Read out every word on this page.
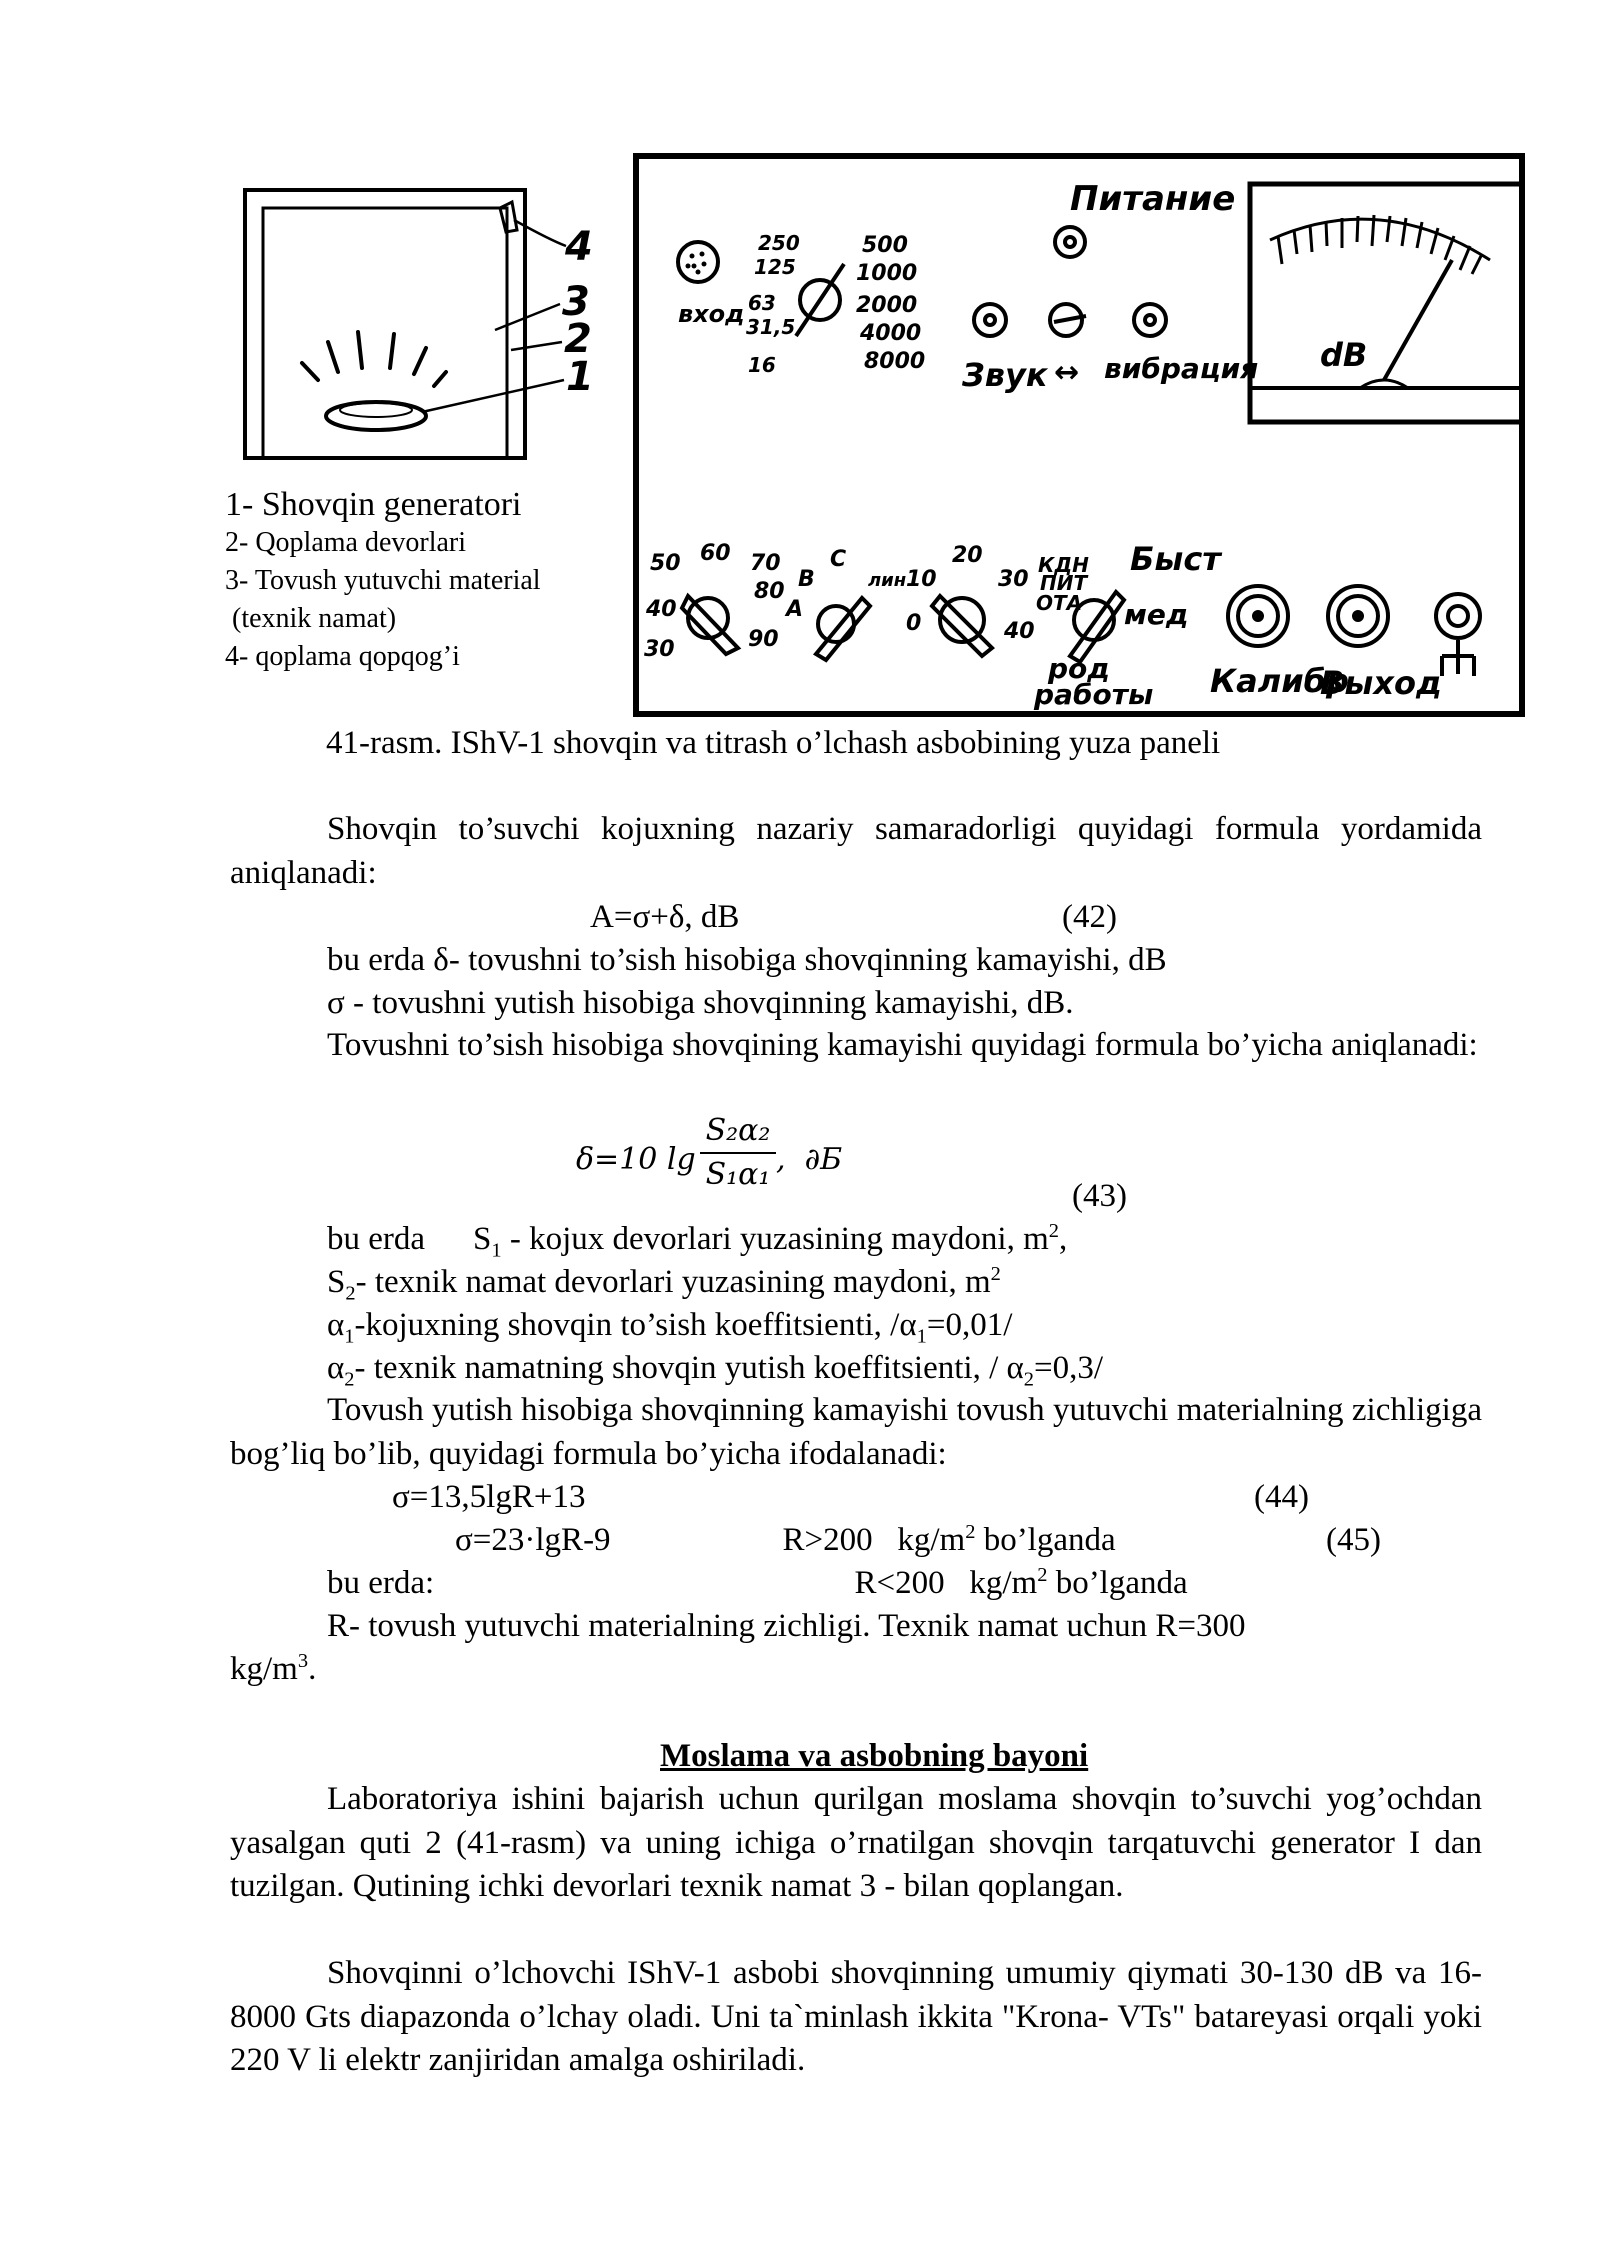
4
3
2
1
1- Shovqin generatori
2- Qoplama devorlari
3- Tovush yutuvchi material
(texnik namat)
4- qoplama qopqog’i
Питание
вход
250
125
63
31,5
16
500
1000
2000
4000
8000 Звук ↔ вибрация dB
50 60 70
40
80
30	90
C
B
A
лин 10
20
30
40
0
КДН
ПИТ
ОТА
Быст
мед
род
работы Калибр
Выход
41-rasm. IShV-1 shovqin va titrash o’lchash asbobining yuza paneli
Shovqin to’suvchi kojuxning nazariy samaradorligi quyidagi formula yordamida aniqlanadi:
A=σ+δ, dB	(42)
bu erda δ- tovushni to’sish hisobiga shovqinning kamayishi, dB
σ - tovushni yutish hisobiga shovqinning kamayishi, dB.
Tovushni to’sish hisobiga shovqining kamayishi quyidagi formula bo’yicha aniqlanadi:
δ=10 lg
S₂α₂
S₁α₁ ,  ∂Б
(43)
bu erda $S_1$ - kojux devorlari yuzasining maydoni, $m^2$,
$S_2-$ texnik namat devorlari yuzasining maydoni, $m^2$
$\alpha_1$-kojuxning shovqin to’sish koeffitsienti, $/\alpha_1=0,01/$
$\alpha_2-$ texnik namatning shovqin yutish koeffitsienti, / $\alpha_2=0,3/$
Tovush yutish hisobiga shovqinning kamayishi tovush yutuvchi materialning zichligiga bog’liq bo’lib, quyidagi formula bo’yicha ifodalanadi:
σ=13,5lgR+13

R>200   $kg/m^2$ bo’lganda

(44)
σ=23·lgR-9

R<200   $kg/m^2$ bo’lganda

(45)
bu erda:
R- tovush yutuvchi materialning zichligi. Texnik namat uchun R=300
$kg/m^3$.
Moslama va asbobning bayoni
Laboratoriya ishini bajarish uchun qurilgan moslama shovqin to’suvchi yog’ochdan yasalgan quti 2 (41-rasm) va uning ichiga o’rnatilgan shovqin tarqatuvchi generator I dan tuzilgan. Qutining ichki devorlari texnik namat 3 - bilan qoplangan.
Shovqinni o’lchovchi IShV-1 asbobi shovqinning umumiy qiymati 30-130 dB va 16-8000 Gts diapazonda o’lchay oladi. Uni ta`minlash ikkita "Krona- VTs" batareyasi orqali yoki 220 V li elektr zanjiridan amalga oshiriladi.
